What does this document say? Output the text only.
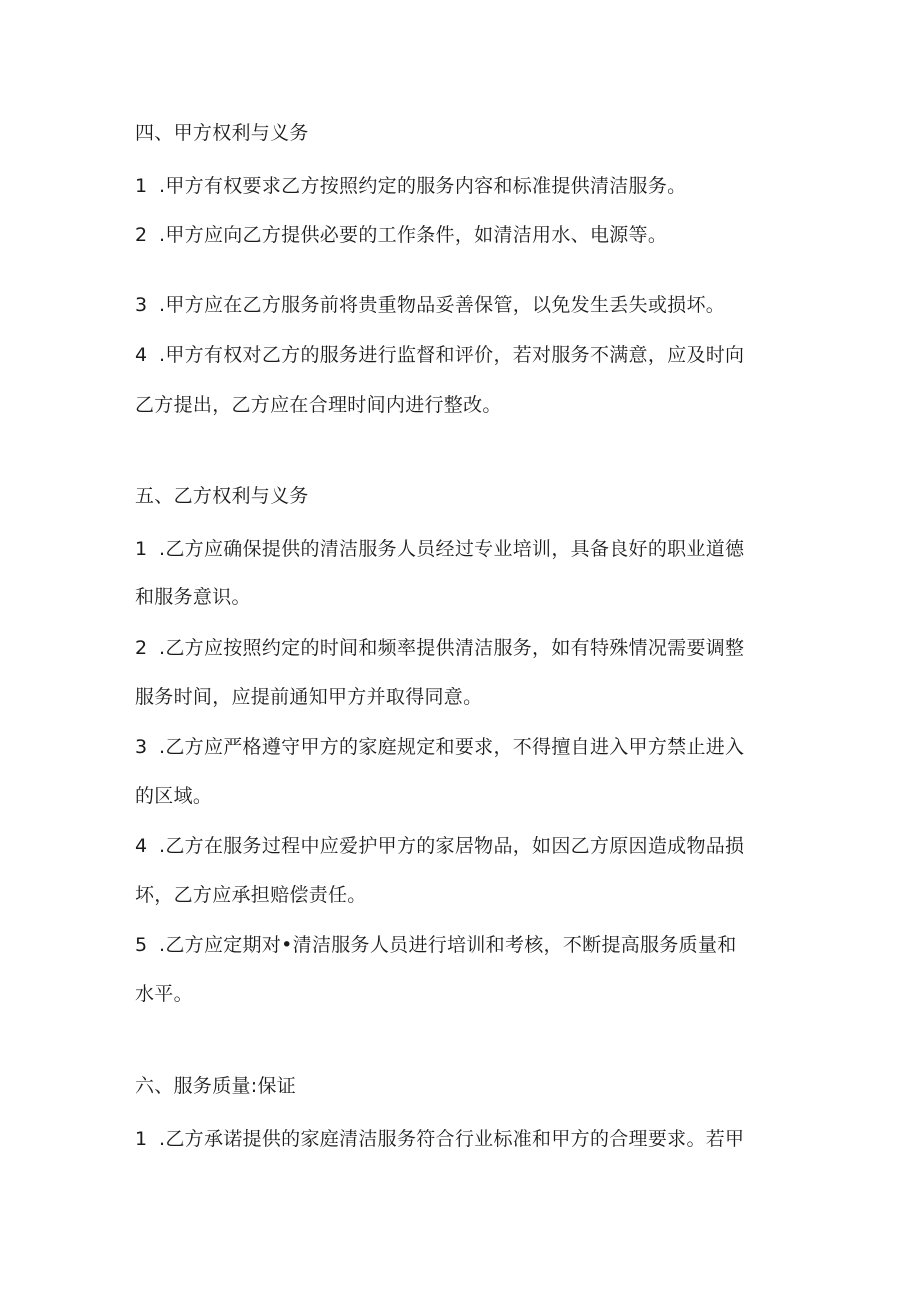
四、甲方权利与义务
1 .甲方有权要求乙方按照约定的服务内容和标准提供清洁服务。
2 .甲方应向乙方提供必要的工作条件，如清洁用水、电源等。
3 .甲方应在乙方服务前将贵重物品妥善保管，以免发生丢失或损坏。
4 .甲方有权对乙方的服务进行监督和评价，若对服务不满意，应及时向
乙方提出，乙方应在合理时间内进行整改。
五、乙方权利与义务
1 .乙方应确保提供的清洁服务人员经过专业培训，具备良好的职业道德
和服务意识。
2 .乙方应按照约定的时间和频率提供清洁服务，如有特殊情况需要调整
服务时间，应提前通知甲方并取得同意。
3 .乙方应严格遵守甲方的家庭规定和要求，不得擅自进入甲方禁止进入
的区域。
4 .乙方在服务过程中应爱护甲方的家居物品，如因乙方原因造成物品损
坏，乙方应承担赔偿责任。
5 .乙方应定期对•清洁服务人员进行培训和考核，不断提高服务质量和
水平。
六、服务质量:保证
1 .乙方承诺提供的家庭清洁服务符合行业标准和甲方的合理要求。若甲
